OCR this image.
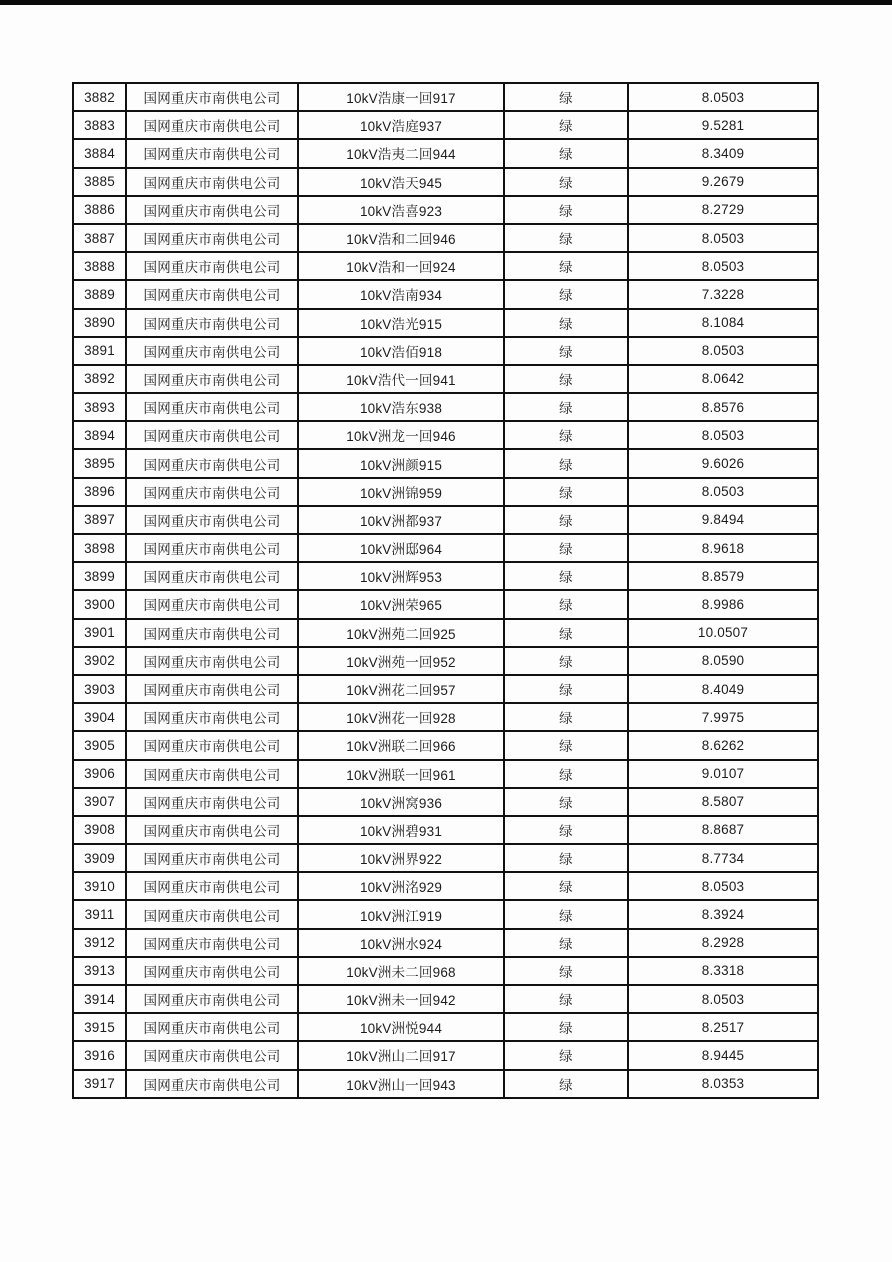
3882	国网重庆市南供电公司	10kV浩康一回917	绿	8.0503
3883	国网重庆市南供电公司	10kV浩庭937	绿	9.5281
3884	国网重庆市南供电公司	10kV浩夷二回944	绿	8.3409
3885	国网重庆市南供电公司	10kV浩天945	绿	9.2679
3886	国网重庆市南供电公司	10kV浩喜923	绿	8.2729
3887	国网重庆市南供电公司	10kV浩和二回946	绿	8.0503
3888	国网重庆市南供电公司	10kV浩和一回924	绿	8.0503
3889	国网重庆市南供电公司	10kV浩南934	绿	7.3228
3890	国网重庆市南供电公司	10kV浩光915	绿	8.1084
3891	国网重庆市南供电公司	10kV浩佰918	绿	8.0503
3892	国网重庆市南供电公司	10kV浩代一回941	绿	8.0642
3893	国网重庆市南供电公司	10kV浩东938	绿	8.8576
3894	国网重庆市南供电公司	10kV洲龙一回946	绿	8.0503
3895	国网重庆市南供电公司	10kV洲颜915	绿	9.6026
3896	国网重庆市南供电公司	10kV洲锦959	绿	8.0503
3897	国网重庆市南供电公司	10kV洲都937	绿	9.8494
3898	国网重庆市南供电公司	10kV洲邸964	绿	8.9618
3899	国网重庆市南供电公司	10kV洲辉953	绿	8.8579
3900	国网重庆市南供电公司	10kV洲荣965	绿	8.9986
3901	国网重庆市南供电公司	10kV洲苑二回925	绿	10.0507
3902	国网重庆市南供电公司	10kV洲苑一回952	绿	8.0590
3903	国网重庆市南供电公司	10kV洲花二回957	绿	8.4049
3904	国网重庆市南供电公司	10kV洲花一回928	绿	7.9975
3905	国网重庆市南供电公司	10kV洲联二回966	绿	8.6262
3906	国网重庆市南供电公司	10kV洲联一回961	绿	9.0107
3907	国网重庆市南供电公司	10kV洲窝936	绿	8.5807
3908	国网重庆市南供电公司	10kV洲碧931	绿	8.8687
3909	国网重庆市南供电公司	10kV洲界922	绿	8.7734
3910	国网重庆市南供电公司	10kV洲洺929	绿	8.0503
3911	国网重庆市南供电公司	10kV洲江919	绿	8.3924
3912	国网重庆市南供电公司	10kV洲水924	绿	8.2928
3913	国网重庆市南供电公司	10kV洲未二回968	绿	8.3318
3914	国网重庆市南供电公司	10kV洲未一回942	绿	8.0503
3915	国网重庆市南供电公司	10kV洲悦944	绿	8.2517
3916	国网重庆市南供电公司	10kV洲山二回917	绿	8.9445
3917	国网重庆市南供电公司	10kV洲山一回943	绿	8.0353
